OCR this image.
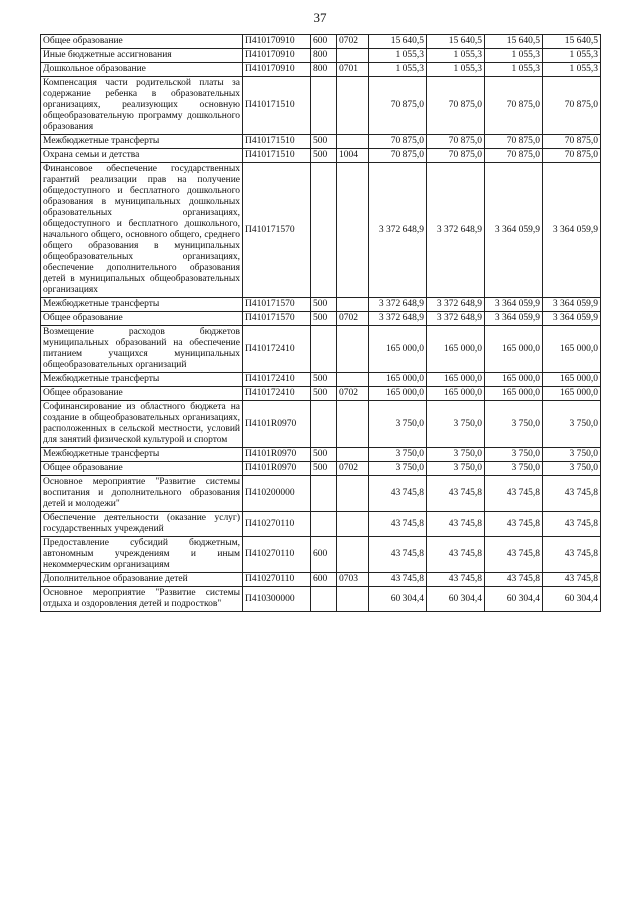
37
Общее образование	П410170910	600	0702	15 640,5	15 640,5	15 640,5	15 640,5
Иные бюджетные ассигнования	П410170910	800		1 055,3	1 055,3	1 055,3	1 055,3
Дошкольное образование	П410170910	800	0701	1 055,3	1 055,3	1 055,3	1 055,3
Компенсация части родительской платы за содержание ребенка в образовательных организациях, реализующих основную общеобразовательную программу дошкольного образования	П410171510			70 875,0	70 875,0	70 875,0	70 875,0
Межбюджетные трансферты	П410171510	500		70 875,0	70 875,0	70 875,0	70 875,0
Охрана семьи и детства	П410171510	500	1004	70 875,0	70 875,0	70 875,0	70 875,0
Финансовое обеспечение государственных гарантий реализации прав на получение общедоступного и бесплатного дошкольного образования в муниципальных дошкольных образовательных организациях, общедоступного и бесплатного дошкольного, начального общего, основного общего, среднего общего образования в муниципальных общеобразовательных организациях, обеспечение дополнительного образования детей в муниципальных общеобразовательных организациях	П410171570			3 372 648,9	3 372 648,9	3 364 059,9	3 364 059,9
Межбюджетные трансферты	П410171570	500		3 372 648,9	3 372 648,9	3 364 059,9	3 364 059,9
Общее образование	П410171570	500	0702	3 372 648,9	3 372 648,9	3 364 059,9	3 364 059,9
Возмещение расходов бюджетов муниципальных образований на обеспечение питанием учащихся муниципальных общеобразовательных организаций	П410172410			165 000,0	165 000,0	165 000,0	165 000,0
Межбюджетные трансферты	П410172410	500		165 000,0	165 000,0	165 000,0	165 000,0
Общее образование	П410172410	500	0702	165 000,0	165 000,0	165 000,0	165 000,0
Софинансирование из областного бюджета на создание в общеобразовательных организациях, расположенных в сельской местности, условий для занятий физической культурой и спортом	П4101R0970			3 750,0	3 750,0	3 750,0	3 750,0
Межбюджетные трансферты	П4101R0970	500		3 750,0	3 750,0	3 750,0	3 750,0
Общее образование	П4101R0970	500	0702	3 750,0	3 750,0	3 750,0	3 750,0
Основное мероприятие "Развитие системы воспитания и дополнительного образования детей и молодежи"	П410200000			43 745,8	43 745,8	43 745,8	43 745,8
Обеспечение деятельности (оказание услуг) государственных учреждений	П410270110			43 745,8	43 745,8	43 745,8	43 745,8
Предоставление субсидий бюджетным, автономным учреждениям и иным некоммерческим организациям	П410270110	600		43 745,8	43 745,8	43 745,8	43 745,8
Дополнительное образование детей	П410270110	600	0703	43 745,8	43 745,8	43 745,8	43 745,8
Основное мероприятие "Развитие системы отдыха и оздоровления детей и подростков"	П410300000			60 304,4	60 304,4	60 304,4	60 304,4
